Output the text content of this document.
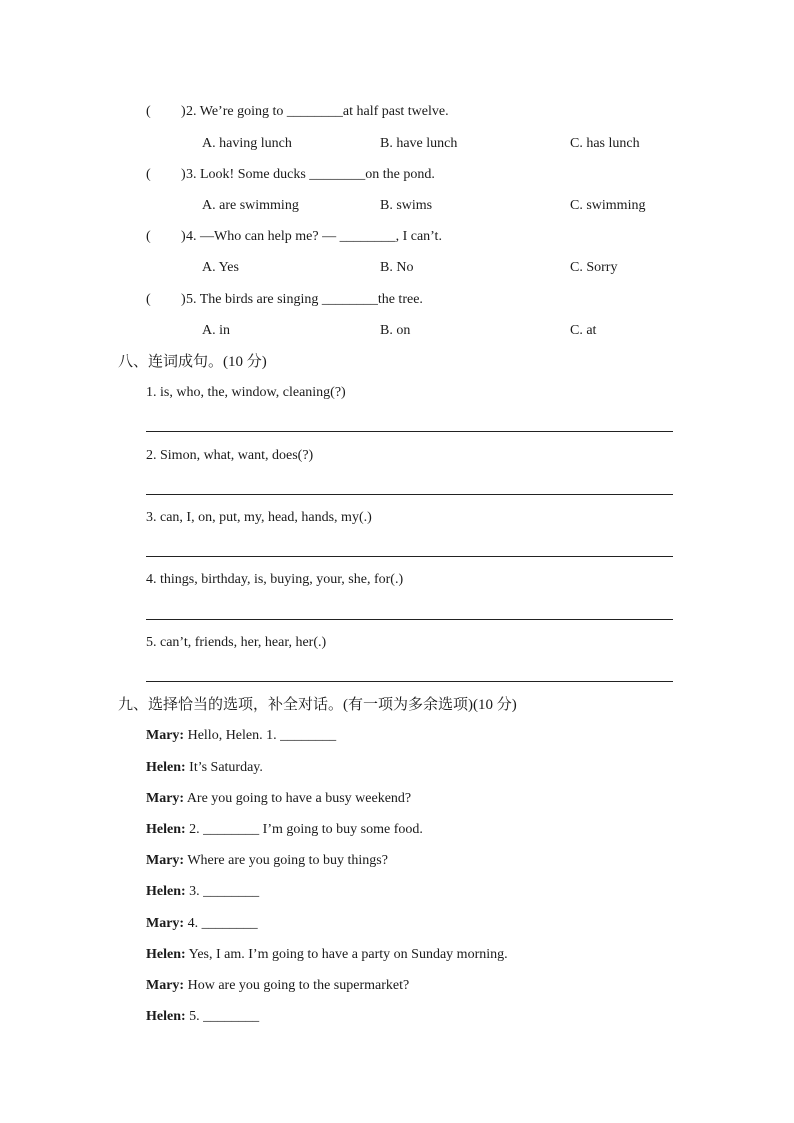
( ) 2. We’re going to ________at half past twelve.
A. having lunch	B. have lunch	C. has lunch
( ) 3. Look! Some ducks ________on the pond.
A. are swimming	B. swims	C. swimming
( ) 4. —Who can help me? — ________, I can’t.
A. Yes	B. No	C. Sorry
( ) 5. The birds are singing ________the tree.
A. in	B. on	C. at
八、连词成句。(10 分)
1. is, who, the, window, cleaning(?)
2. Simon, what, want, does(?)
3. can, I, on, put, my, head, hands, my(.)
4. things, birthday, is, buying, your, she, for(.)
5. can’t, friends, her, hear, her(.)
九、选择恰当的选项，补全对话。(有一项为多余选项)(10 分)
Mary: Hello, Helen. 1. ________
Helen: It’s Saturday.
Mary: Are you going to have a busy weekend?
Helen: 2. ________ I’m going to buy some food.
Mary: Where are you going to buy things?
Helen: 3. ________
Mary: 4. ________
Helen: Yes, I am. I’m going to have a party on Sunday morning.
Mary: How are you going to the supermarket?
Helen: 5. ________
